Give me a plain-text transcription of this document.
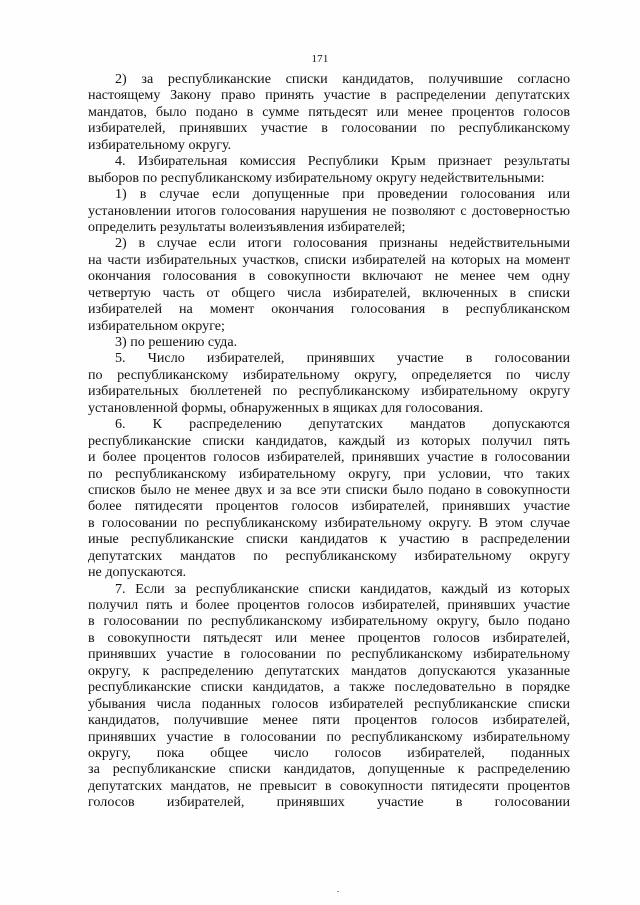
171
2) за республиканские списки кандидатов, получившие согласно
настоящему Закону право принять участие в распределении депутатских
мандатов, было подано в сумме пятьдесят или менее процентов голосов
избирателей, принявших участие в голосовании по республиканскому
избирательному округу.
4. Избирательная комиссия Республики Крым признает результаты
выборов по республиканскому избирательному округу недействительными:
1) в случае если допущенные при проведении голосования или
установлении итогов голосования нарушения не позволяют с достоверностью
определить результаты волеизъявления избирателей;
2) в случае если итоги голосования признаны недействительными
на части избирательных участков, списки избирателей на которых на момент
окончания голосования в совокупности включают не менее чем одну
четвертую часть от общего числа избирателей, включенных в списки
избирателей на момент окончания голосования в республиканском
избирательном округе;
3) по решению суда.
5. Число избирателей, принявших участие в голосовании
по республиканскому избирательному округу, определяется по числу
избирательных бюллетеней по республиканскому избирательному округу
установленной формы, обнаруженных в ящиках для голосования.
6. К распределению депутатских мандатов допускаются
республиканские списки кандидатов, каждый из которых получил пять
и более процентов голосов избирателей, принявших участие в голосовании
по республиканскому избирательному округу, при условии, что таких
списков было не менее двух и за все эти списки было подано в совокупности
более пятидесяти процентов голосов избирателей, принявших участие
в голосовании по республиканскому избирательному округу. В этом случае
иные республиканские списки кандидатов к участию в распределении
депутатских мандатов по республиканскому избирательному округу
не допускаются.
7. Если за республиканские списки кандидатов, каждый из которых
получил пять и более процентов голосов избирателей, принявших участие
в голосовании по республиканскому избирательному округу, было подано
в совокупности пятьдесят или менее процентов голосов избирателей,
принявших участие в голосовании по республиканскому избирательному
округу, к распределению депутатских мандатов допускаются указанные
республиканские списки кандидатов, а также последовательно в порядке
убывания числа поданных голосов избирателей республиканские списки
кандидатов, получившие менее пяти процентов голосов избирателей,
принявших участие в голосовании по республиканскому избирательному
округу, пока общее число голосов избирателей, поданных
за республиканские списки кандидатов, допущенные к распределению
депутатских мандатов, не превысит в совокупности пятидесяти процентов
голосов избирателей, принявших участие в голосовании
